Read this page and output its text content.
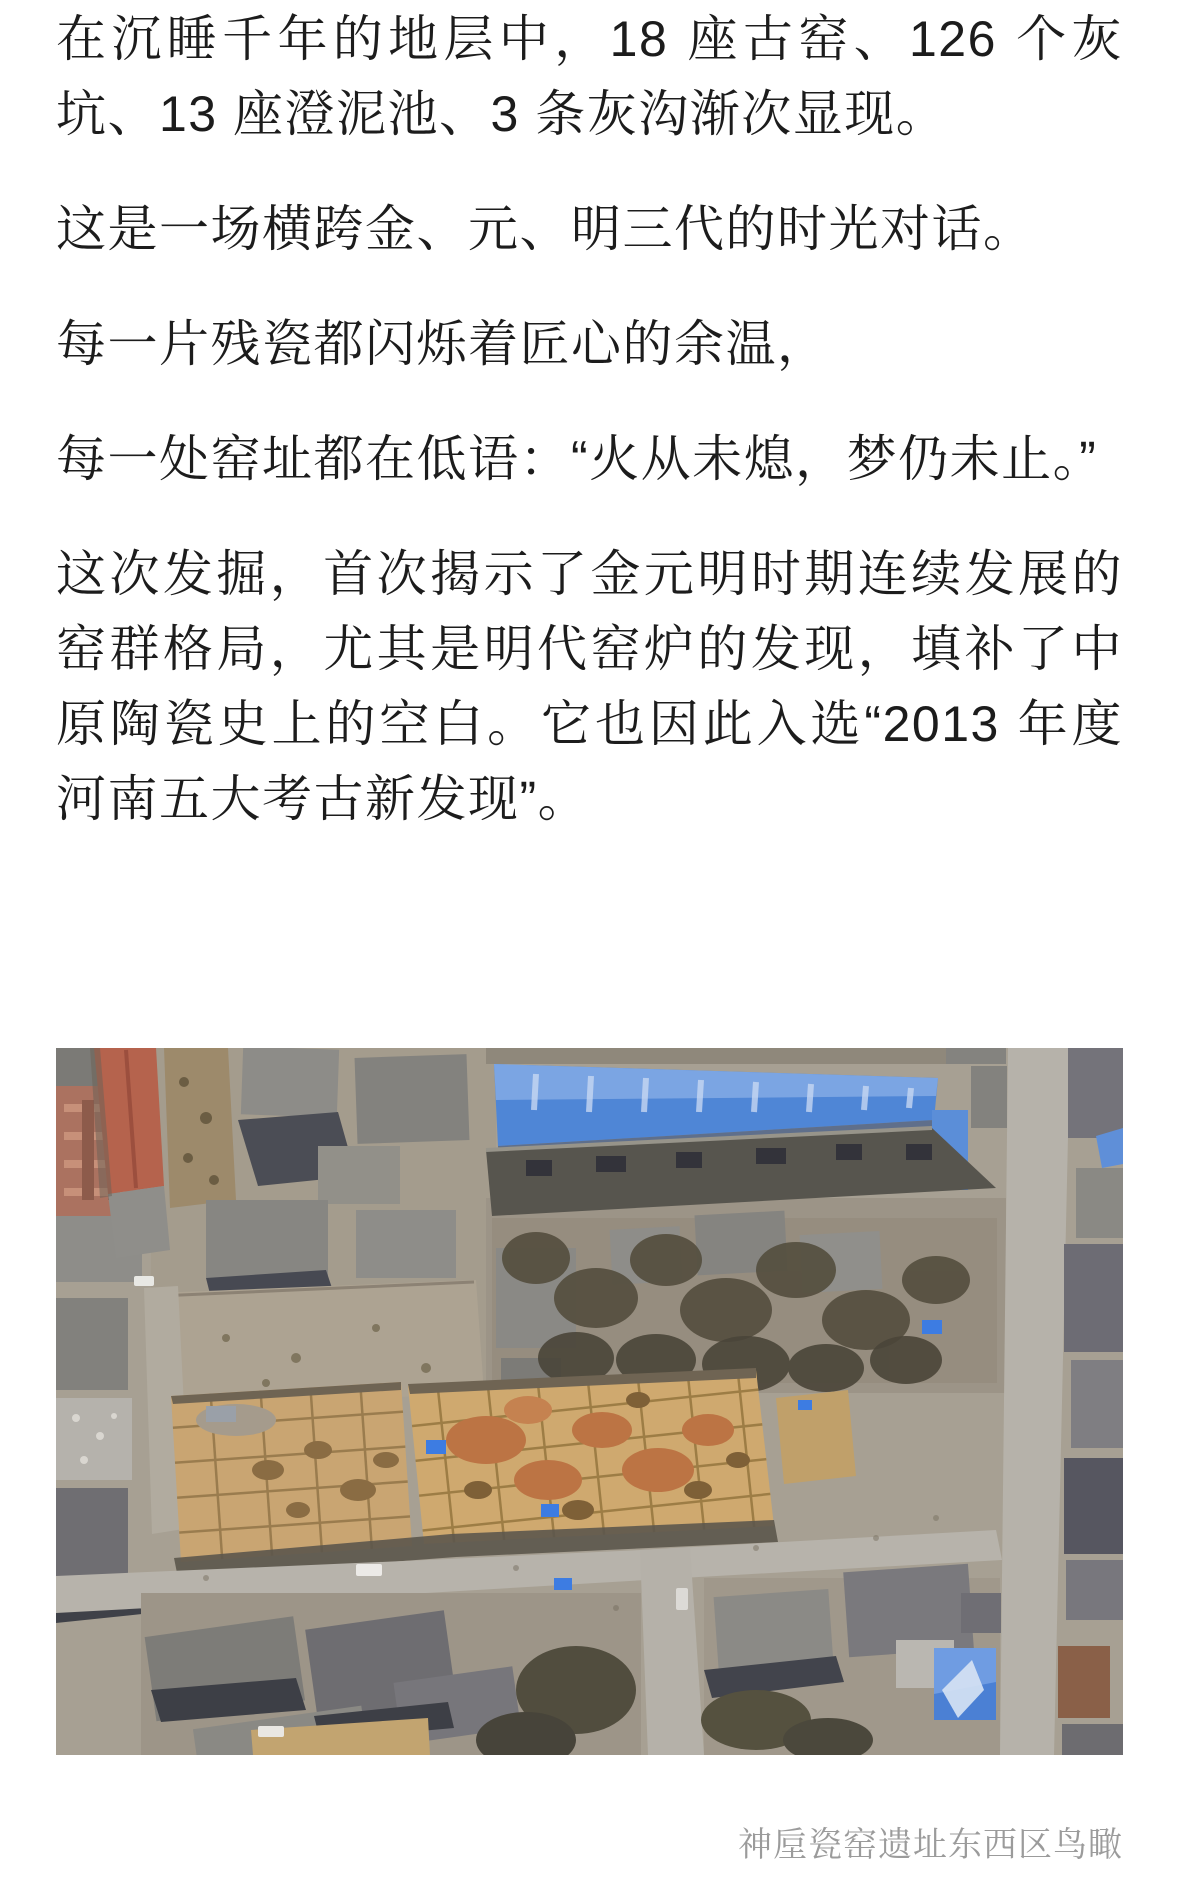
在沉睡千年的地层中，18 座古窑、126 个灰坑、13 座澄泥池、3 条灰沟渐次显现。

这是一场横跨金、元、明三代的时光对话。

每一片残瓷都闪烁着匠心的余温，

每一处窑址都在低语：“火从未熄，梦仍未止。”

这次发掘，首次揭示了金元明时期连续发展的窑群格局，尤其是明代窑炉的发现，填补了中原陶瓷史上的空白。它也因此入选“2013 年度河南五大考古新发现”。

神垕瓷窑遗址东西区鸟瞰
